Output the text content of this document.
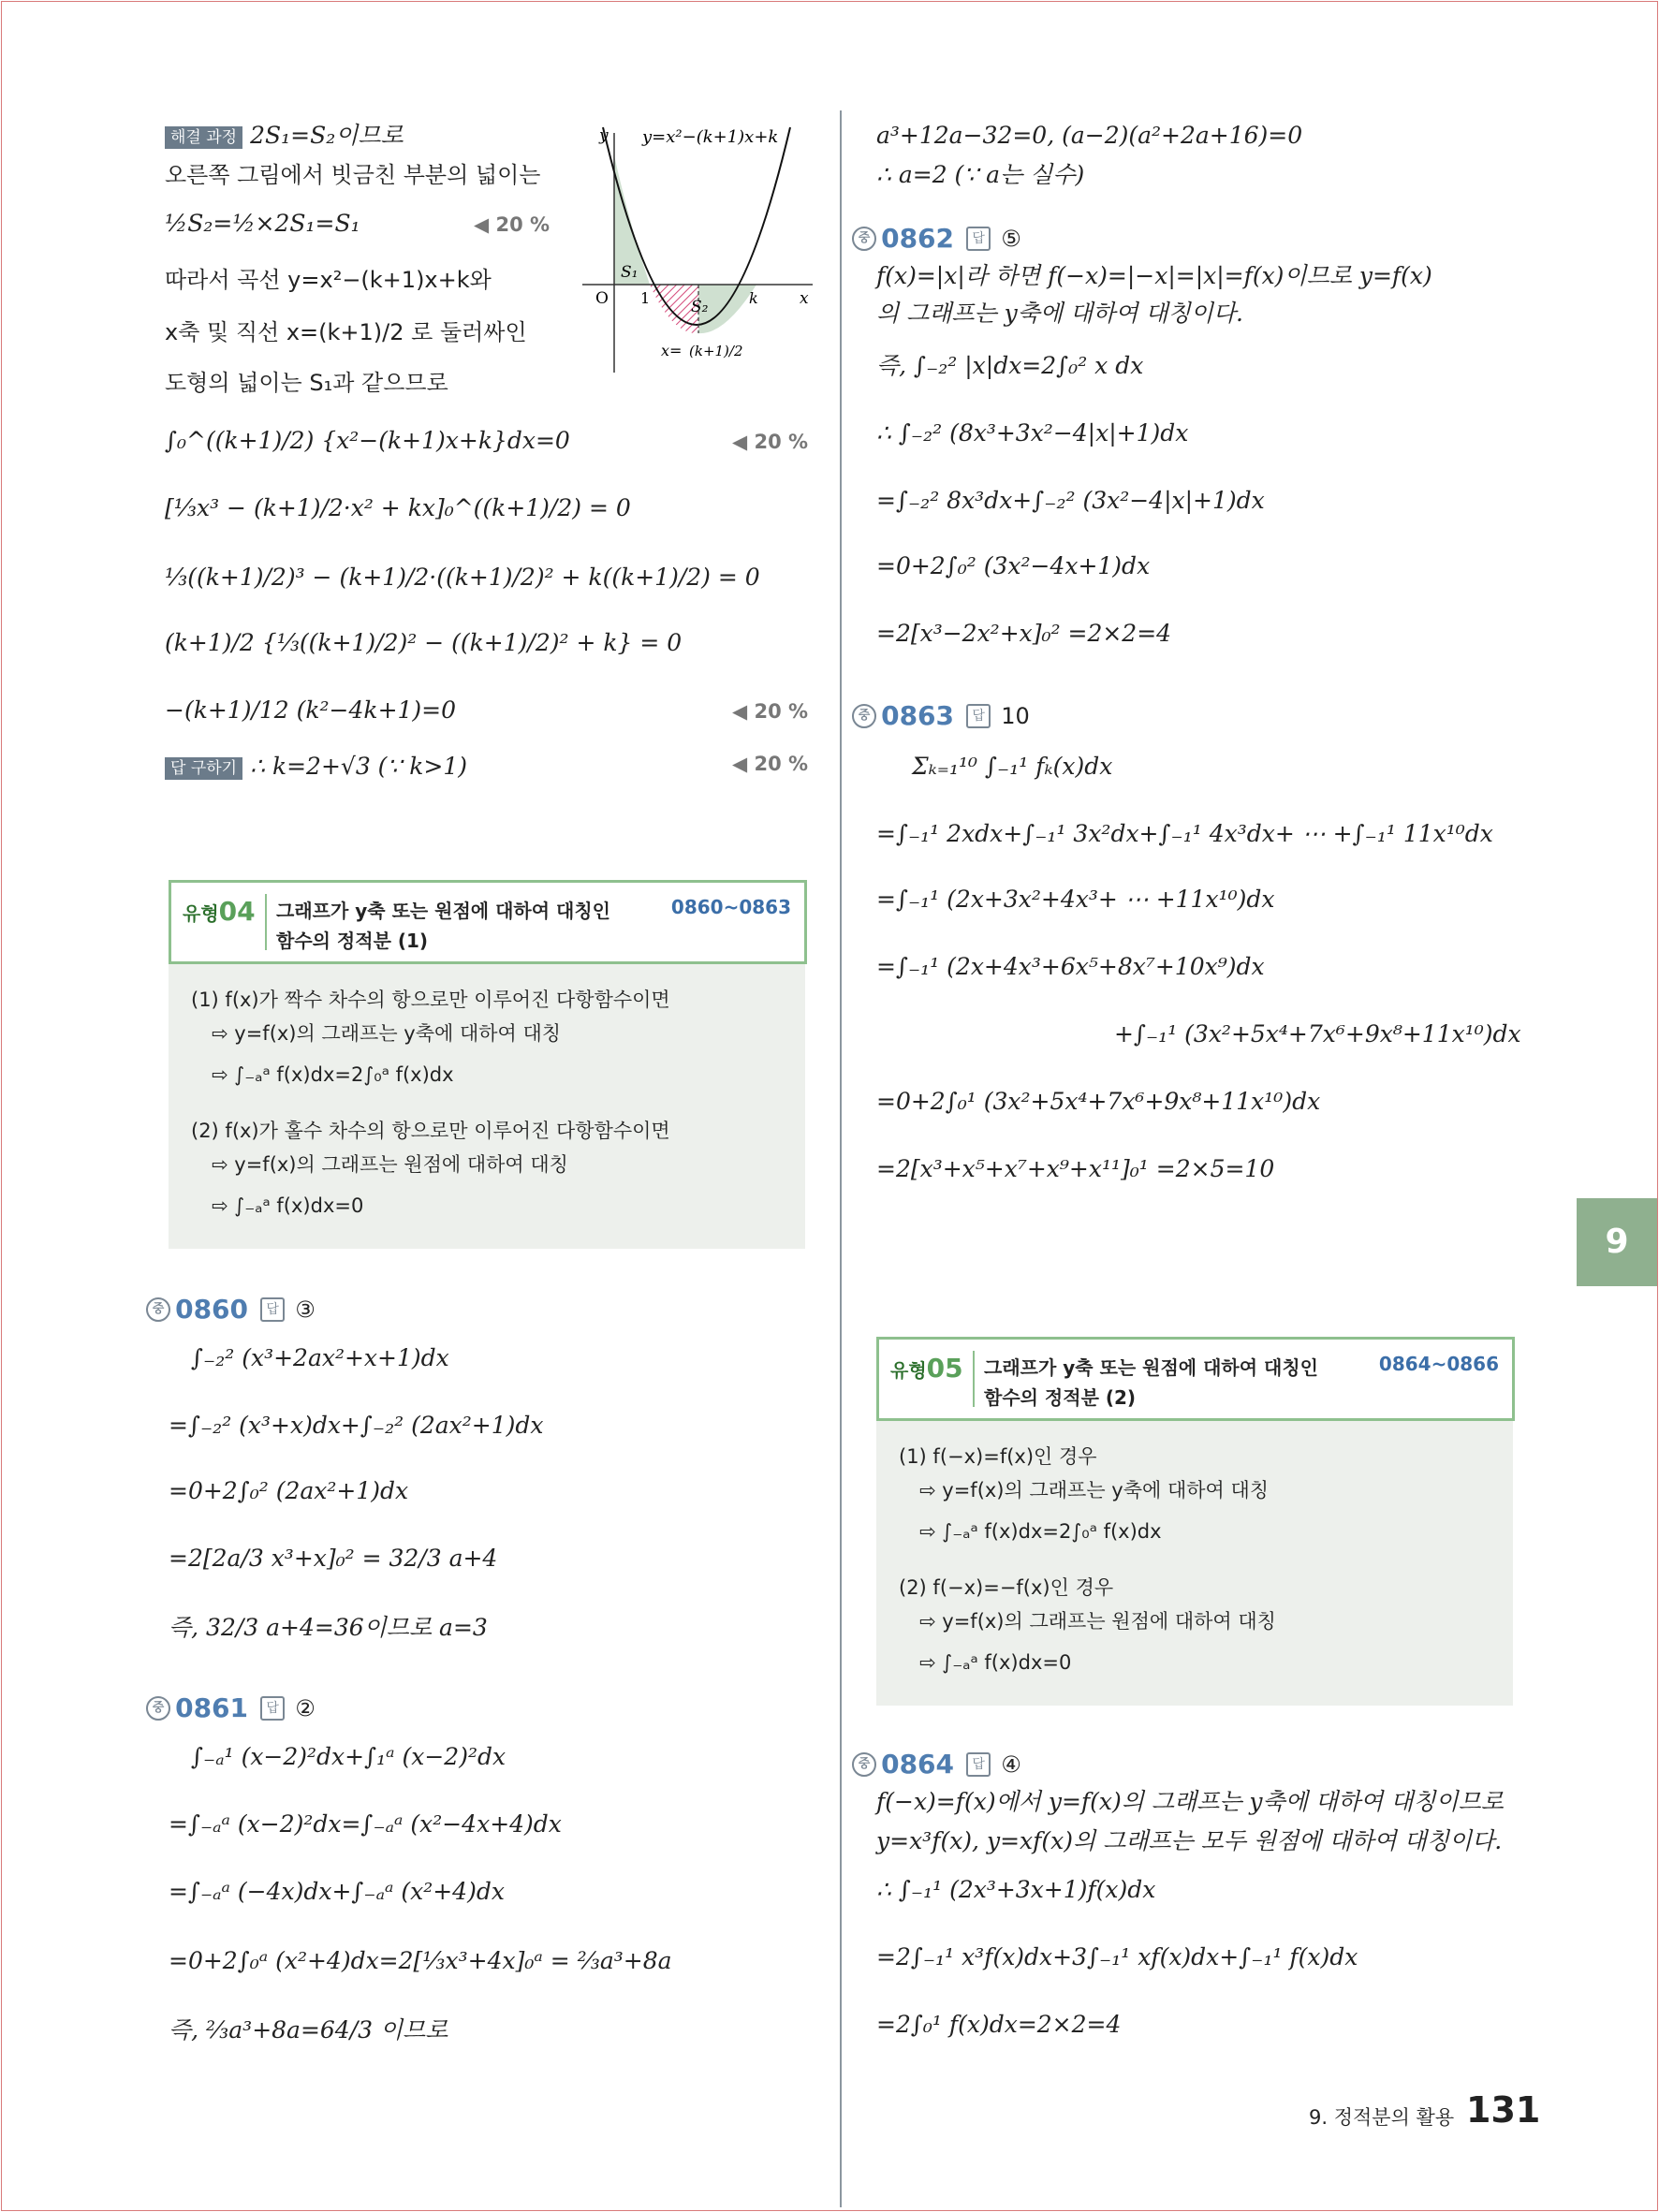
해결 과정 2S₁=S₂이므로
오른쪽 그림에서 빗금친 부분의 넓이는
½S₂=½×2S₁=S₁	◀ 20 %
따라서 곡선 y=x²−(k+1)x+k와
x축 및 직선 x=(k+1)/2 로 둘러싸인
도형의 넓이는 S₁과 같으므로
∫₀^((k+1)/2) {x²−(k+1)x+k}dx=0	◀ 20 %
[⅓x³ − (k+1)/2·x² + kx]₀^((k+1)/2) = 0
⅓((k+1)/2)³ − (k+1)/2·((k+1)/2)² + k((k+1)/2) = 0
(k+1)/2 {⅓((k+1)/2)² − ((k+1)/2)² + k} = 0
−(k+1)/12 (k²−4k+1)=0	◀ 20 %
답 구하기 ∴ k=2+√3 (∵ k>1)	◀ 20 %
y=x²−(k+1)x+k
y
x
O 1	k
S₁
S₂
x= (k+1)/2
유형04 그래프가 y축 또는 원점에 대하여 대칭인
함수의 정적분 (1)
0860~0863
(1) f(x)가 짝수 차수의 항으로만 이루어진 다항함수이면
⇨ y=f(x)의 그래프는 y축에 대하여 대칭
⇨ ∫₋ₐᵃ f(x)dx=2∫₀ᵃ f(x)dx
(2) f(x)가 홀수 차수의 항으로만 이루어진 다항함수이면
⇨ y=f(x)의 그래프는 원점에 대하여 대칭
⇨ ∫₋ₐᵃ f(x)dx=0
중 0860 답 ③
∫₋₂² (x³+2ax²+x+1)dx
=∫₋₂² (x³+x)dx+∫₋₂² (2ax²+1)dx
=0+2∫₀² (2ax²+1)dx
=2[2a/3 x³+x]₀² = 32/3 a+4
즉, 32/3 a+4=36이므로 a=3
중 0861 답 ②
∫₋ₐ¹ (x−2)²dx+∫₁ᵃ (x−2)²dx
=∫₋ₐᵃ (x−2)²dx=∫₋ₐᵃ (x²−4x+4)dx
=∫₋ₐᵃ (−4x)dx+∫₋ₐᵃ (x²+4)dx
=0+2∫₀ᵃ (x²+4)dx=2[⅓x³+4x]₀ᵃ = ⅔a³+8a
즉, ⅔a³+8a=64/3 이므로
a³+12a−32=0, (a−2)(a²+2a+16)=0
∴ a=2 (∵ a는 실수)
중 0862 답 ⑤
f(x)=|x|라 하면 f(−x)=|−x|=|x|=f(x)이므로 y=f(x)
의 그래프는 y축에 대하여 대칭이다.
즉, ∫₋₂² |x|dx=2∫₀² x dx
∴ ∫₋₂² (8x³+3x²−4|x|+1)dx
=∫₋₂² 8x³dx+∫₋₂² (3x²−4|x|+1)dx
=0+2∫₀² (3x²−4x+1)dx
=2[x³−2x²+x]₀² =2×2=4
중 0863 답 10
Σₖ₌₁¹⁰ ∫₋₁¹ fₖ(x)dx
=∫₋₁¹ 2xdx+∫₋₁¹ 3x²dx+∫₋₁¹ 4x³dx+ ⋯ +∫₋₁¹ 11x¹⁰dx
=∫₋₁¹ (2x+3x²+4x³+ ⋯ +11x¹⁰)dx
=∫₋₁¹ (2x+4x³+6x⁵+8x⁷+10x⁹)dx
+∫₋₁¹ (3x²+5x⁴+7x⁶+9x⁸+11x¹⁰)dx
=0+2∫₀¹ (3x²+5x⁴+7x⁶+9x⁸+11x¹⁰)dx
=2[x³+x⁵+x⁷+x⁹+x¹¹]₀¹ =2×5=10
유형05 그래프가 y축 또는 원점에 대하여 대칭인
함수의 정적분 (2)
0864~0866
(1) f(−x)=f(x)인 경우
⇨ y=f(x)의 그래프는 y축에 대하여 대칭
⇨ ∫₋ₐᵃ f(x)dx=2∫₀ᵃ f(x)dx
(2) f(−x)=−f(x)인 경우
⇨ y=f(x)의 그래프는 원점에 대하여 대칭
⇨ ∫₋ₐᵃ f(x)dx=0
중 0864 답 ④
f(−x)=f(x)에서 y=f(x)의 그래프는 y축에 대하여 대칭이므로
y=x³f(x), y=xf(x)의 그래프는 모두 원점에 대하여 대칭이다.
∴ ∫₋₁¹ (2x³+3x+1)f(x)dx
=2∫₋₁¹ x³f(x)dx+3∫₋₁¹ xf(x)dx+∫₋₁¹ f(x)dx
=2∫₀¹ f(x)dx=2×2=4
9
9. 정적분의 활용 131
